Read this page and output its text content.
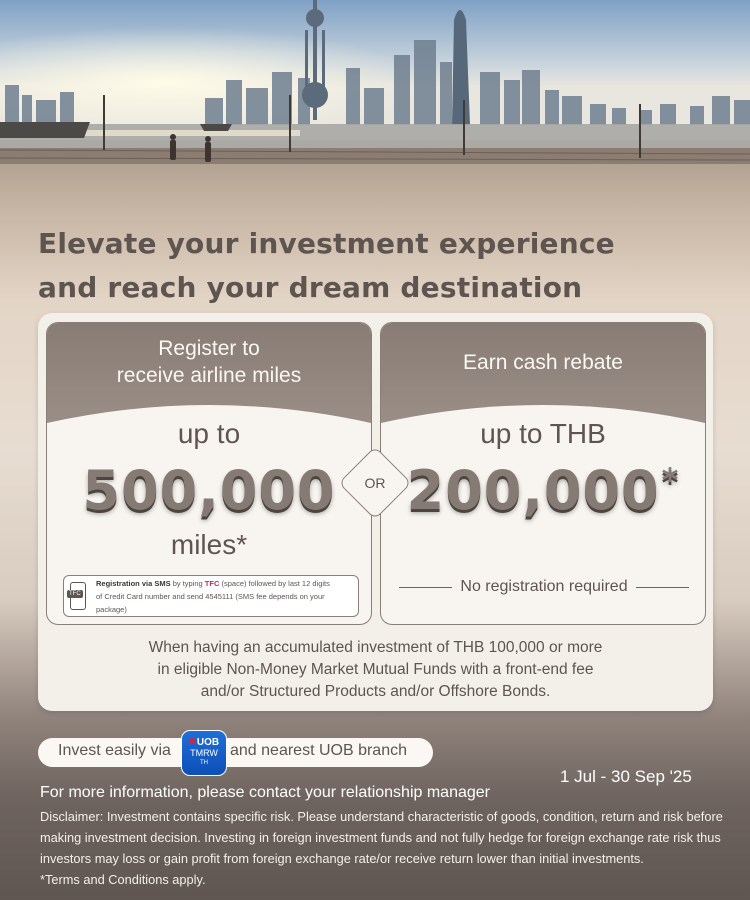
Elevate your investment experience
and reach your dream destination
Register to
receive airline miles
up to
500,000
miles*
TFC
Registration via SMS by typing TFC (space) followed by last 12 digits
of Credit Card number and send 4545111 (SMS fee depends on your package)
Earn cash rebate
up to THB
200,000*
No registration required
OR
When having an accumulated investment of THB 100,000 or more
in eligible Non-Money Market Mutual Funds with a front-end fee
and/or Structured Products and/or Offshore Bonds.
Invest easily via	and nearest UOB branch
UOB
TMRW
TH
1 Jul - 30 Sep '25
For more information, please contact your relationship manager
Disclaimer: Investment contains specific risk. Please understand characteristic of goods, condition, return and risk before
making investment decision. Investing in foreign investment funds and not fully hedge for foreign exchange rate risk thus
investors may loss or gain profit from foreign exchange rate/or receive return lower than initial investments.
*Terms and Conditions apply.
